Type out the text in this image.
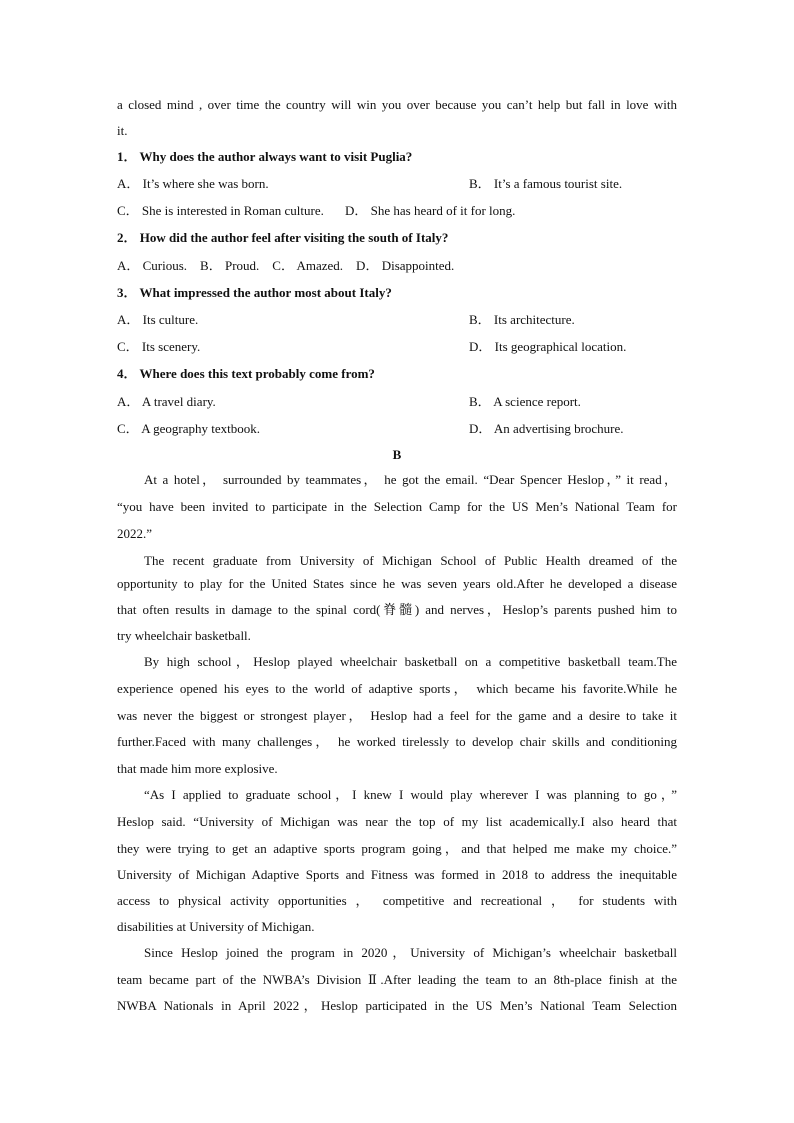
a closed mind , over time the country will win you over because you can’t help but fall in love with
it.
1． Why does the author always want to visit Puglia?
A． It’s where she was born.	B． It’s a famous tourist site.
C． She is interested in Roman culture. D． She has heard of it for long.
2． How did the author feel after visiting the south of Italy?
A． Curious.    B． Proud.    C． Amazed.    D． Disappointed.
3． What impressed the author most about Italy?
A． Its culture.	B． Its architecture.
C． Its scenery.	D． Its geographical location.
4． Where does this text probably come from?
A． A travel diary.	B． A science report.
C． A geography textbook.	D． An advertising brochure.
B
At a hotel， surrounded by teammates， he got the email. “Dear Spencer Heslop，” it read，
“you have been invited to participate in the Selection Camp for the US Men’s National Team for
2022.”
The recent graduate from University of Michigan School of Public Health dreamed of the
opportunity to play for the United States since he was seven years old.After he developed a disease
that often results in damage to the spinal cord(脊髓) and nerves，Heslop’s parents pushed him to
try wheelchair basketball.
By high school，Heslop played wheelchair basketball on a competitive basketball team.The
experience opened his eyes to the world of adaptive sports， which became his favorite.While he
was never the biggest or strongest player， Heslop had a feel for the game and a desire to take it
further.Faced with many challenges， he worked tirelessly to develop chair skills and conditioning
that made him more explosive.
“As I applied to graduate school，I knew I would play wherever I was planning to go，”
Heslop said. “University of Michigan was near the top of my list academically.I also heard that
they were trying to get an adaptive sports program going，and that helped me make my choice.”
University of Michigan Adaptive Sports and Fitness was formed in 2018 to address the inequitable
access to physical activity opportunities ， competitive and recreational ， for students with
disabilities at University of Michigan.
Since Heslop joined the program in 2020，University of Michigan’s wheelchair basketball
team became part of the NWBA’s Division Ⅱ.After leading the team to an 8th-place finish at the
NWBA Nationals in April 2022，Heslop participated in the US Men’s National Team Selection
